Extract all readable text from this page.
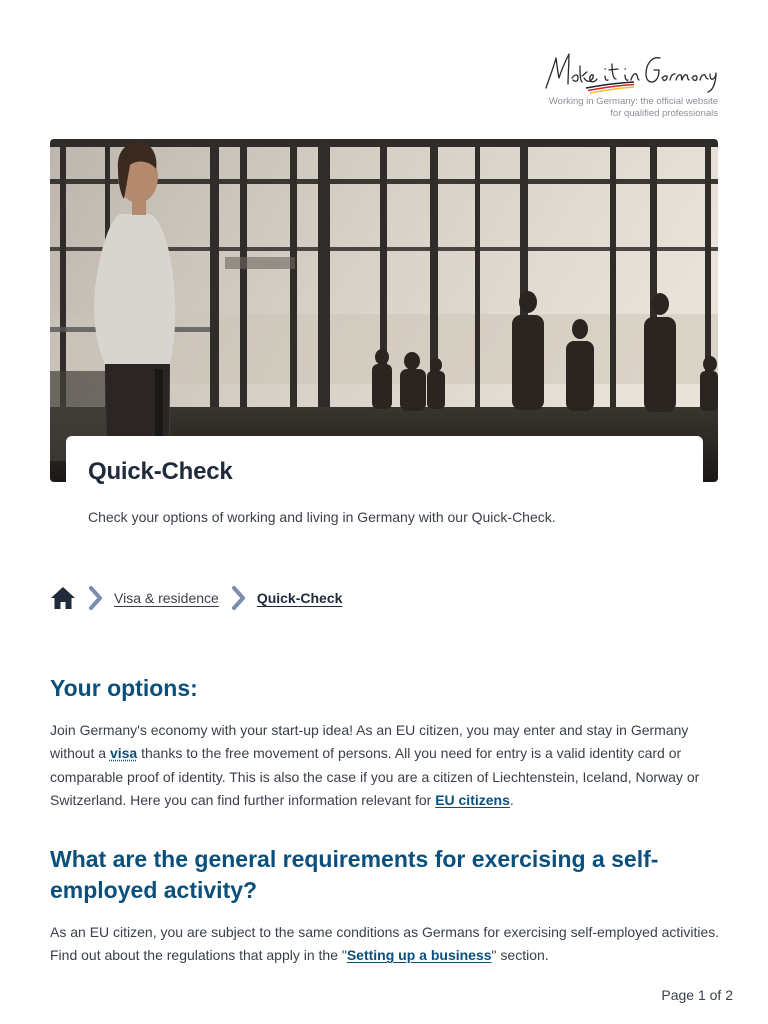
Working in Germany: the official website
for qualified professionals
Quick-Check

Check your options of working and living in Germany with our Quick-Check.

Visa & residence	Quick-Check
Your options:

Join Germany's economy with your start-up idea! As an EU citizen, you may enter and stay in Germany without a visa thanks to the free movement of persons. All you need for entry is a valid identity card or comparable proof of identity. This is also the case if you are a citizen of Liechtenstein, Iceland, Norway or Switzerland. Here you can find further information relevant for EU citizens.

What are the general requirements for exercising a self-employed activity?

As an EU citizen, you are subject to the same conditions as Germans for exercising self-employed activities. Find out about the regulations that apply in the "Setting up a business" section.

Page 1 of 2
